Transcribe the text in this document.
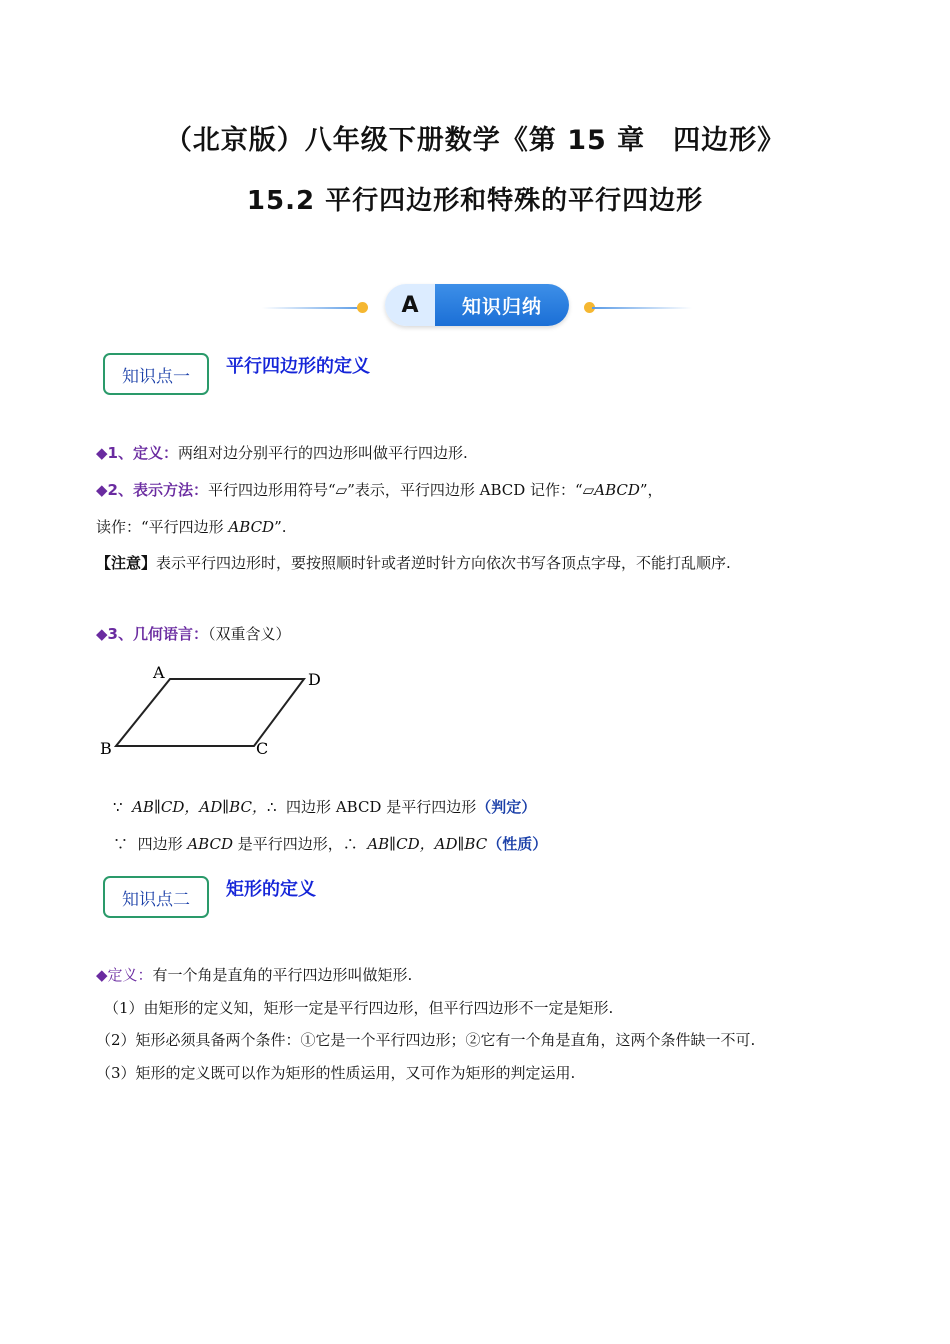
（北京版）八年级下册数学《第 15 章　四边形》
15.2 平行四边形和特殊的平行四边形
A	知识归纳
知识点一	平行四边形的定义
◆1、定义：两组对边分别平行的四边形叫做平行四边形.
◆2、表示方法：平行四边形用符号“▱”表示，平行四边形 ABCD 记作：“▱ABCD”，
读作：“平行四边形 ABCD”.
【注意】表示平行四边形时，要按照顺时针或者逆时针方向依次书写各顶点字母，不能打乱顺序.
◆3、几何语言：（双重含义）
A	D
B	C
∵ AB∥CD，AD∥BC，∴ 四边形 ABCD 是平行四边形（判定）
∵ 四边形 ABCD 是平行四边形，∴ AB∥CD，AD∥BC（性质）
知识点二	矩形的定义
◆定义：有一个角是直角的平行四边形叫做矩形.
（1）由矩形的定义知，矩形一定是平行四边形，但平行四边形不一定是矩形.
（2）矩形必须具备两个条件：①它是一个平行四边形；②它有一个角是直角，这两个条件缺一不可.
（3）矩形的定义既可以作为矩形的性质运用，又可作为矩形的判定运用.
